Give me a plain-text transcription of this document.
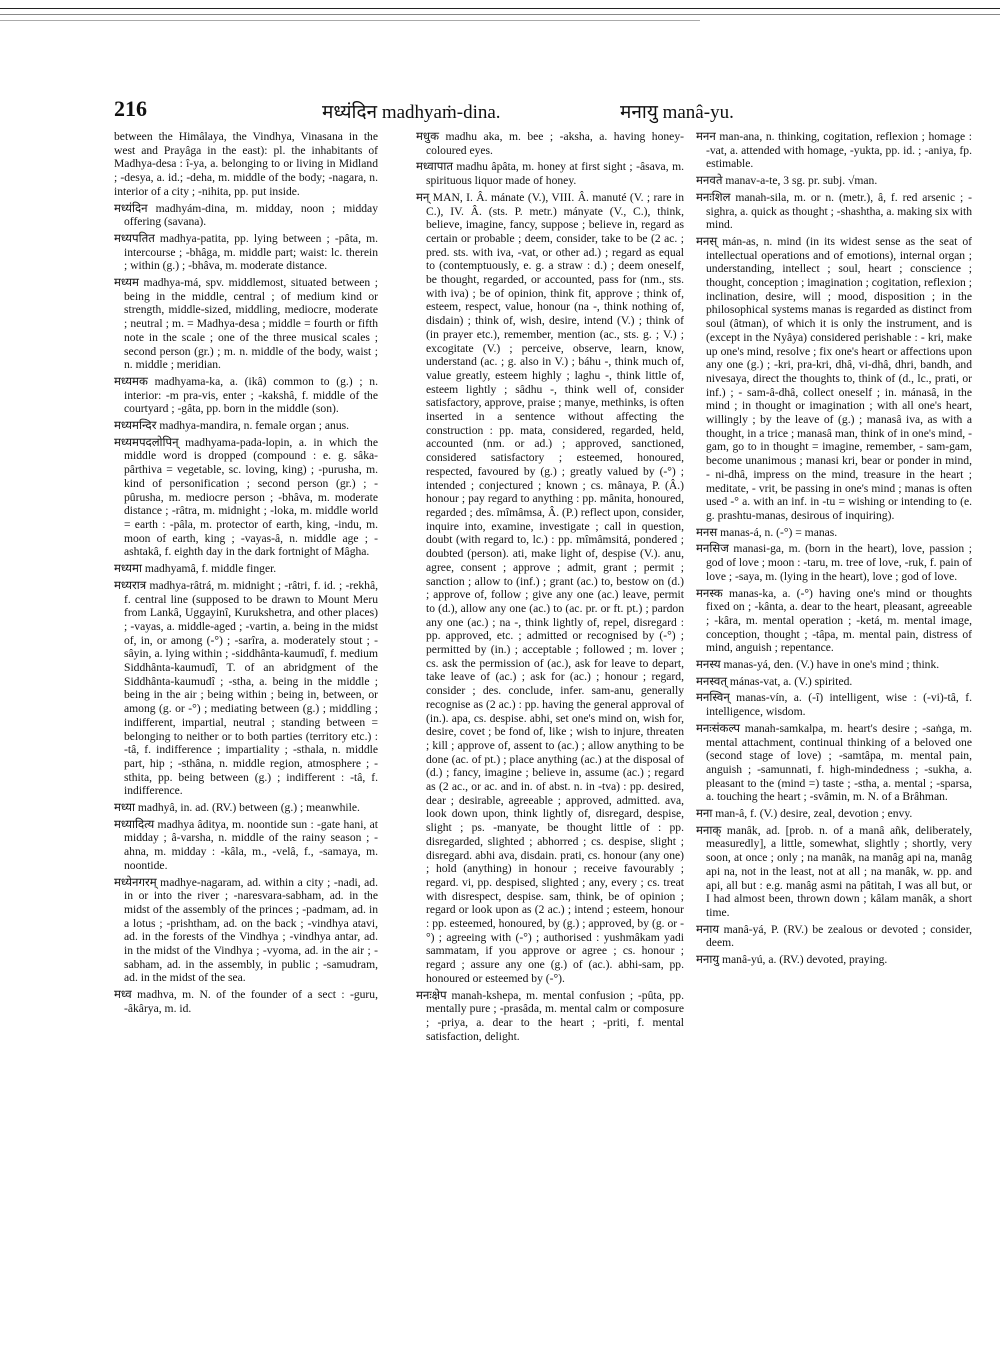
216	मध्यंदिन madhyaṁ-dina.	मनायु manâ-yu.

between the Himâlaya, the Vindhya, Vinasana in the west and Prayâga in the east): pl. the inhabitants of Madhya-desa : î-ya, a. belonging to or living in Midland ; -desya, a. id.; -deha, m. middle of the body; -nagara, n. interior of a city ; -nihita, pp. put inside.

मध्यंदिन madhyám-dina, m. midday, noon ; midday offering (savana).

मध्यपतित madhya-patita, pp. lying between ; -pâta, m. intercourse ; -bhâga, m. middle part; waist: lc. therein ; within (g.) ; -bhâva, m. moderate distance.

मध्यम madhya-má, spv. middlemost, situated between ; being in the middle, central ; of medium kind or strength, middle-sized, middling, mediocre, moderate ; neutral ; m. = Madhya-desa ; middle = fourth or fifth note in the scale ; one of the three musical scales ; second person (gr.) ; m. n. middle of the body, waist ; n. middle ; meridian.

मध्यमक madhyama-ka, a. (ikâ) common to (g.) ; n. interior: -m pra-vis, enter ; -kakshâ, f. middle of the courtyard ; -gâta, pp. born in the middle (son).

मध्यमन्दिर madhya-mandira, n. female organ ; anus.

मध्यमपदलोपिन् madhyama-pada-lopin, a. in which the middle word is dropped (compound : e. g. sâka-pârthiva = vegetable, sc. loving, king) ; -purusha, m. kind of personification ; second person (gr.) ; -pûrusha, m. mediocre person ; -bhâva, m. moderate distance ; -râtra, m. midnight ; -loka, m. middle world = earth : -pâla, m. protector of earth, king, -indu, m. moon of earth, king ; -vayas-â, n. middle age ; -ashtakâ, f. eighth day in the dark fortnight of Mâgha.

मध्यमा madhyamâ, f. middle finger.

मध्यरात्र madhya-râtrá, m. midnight ; -râtri, f. id. ; -rekhâ, f. central line (supposed to be drawn to Mount Meru from Lankâ, Uggayinî, Kurukshetra, and other places) ; -vayas, a. middle-aged ; -vartin, a. being in the midst of, in, or among (-°) ; -sarîra, a. moderately stout ; -sâyin, a. lying within ; -siddhânta-kaumudî, f. medium Siddhânta-kaumudî, T. of an abridgment of the Siddhânta-kaumudî ; -stha, a. being in the middle ; being in the air ; being within ; being in, between, or among (g. or -°) ; mediating between (g.) ; middling ; indifferent, impartial, neutral ; standing between = belonging to neither or to both parties (territory etc.) : -tâ, f. indifference ; impartiality ; -sthala, n. middle part, hip ; -sthâna, n. middle region, atmosphere ; -sthita, pp. being between (g.) ; indifferent : -tâ, f. indifference.

मध्या madhyâ, in. ad. (RV.) between (g.) ; meanwhile.

मध्यादित्य madhya âditya, m. noontide sun : -gate hani, at midday ; â-varsha, n. middle of the rainy season ; -ahna, m. midday : -kâla, m., -velâ, f., -samaya, m. noontide.

मध्येनगरम् madhye-nagaram, ad. within a city ; -nadi, ad. in or into the river ; -naresvara-sabham, ad. in the midst of the assembly of the princes ; -padmam, ad. in a lotus ; -prishtham, ad. on the back ; -vindhya atavi, ad. in the forests of the Vindhya ; -vindhya antar, ad. in the midst of the Vindhya ; -vyoma, ad. in the air ; -sabham, ad. in the assembly, in public ; -samudram, ad. in the midst of the sea.

मध्व madhva, m. N. of the founder of a sect : -guru, -âkârya, m. id.

मधुक madhu aka, m. bee ; -aksha, a. having honey-coloured eyes.

मध्वापात madhu âpâta, m. honey at first sight ; -âsava, m. spirituous liquor made of honey.

मन् MAN, I. Â. mánate (V.), VIII. Â. manuté (V. ; rare in C.), IV. Â. (sts. P. metr.) mányate (V., C.), think, believe, imagine, fancy, suppose ; believe in, regard as certain or probable ; deem, consider, take to be (2 ac. ; pred. sts. with iva, -vat, or other ad.) ; regard as equal to (contemptuously, e. g. a straw : d.) ; deem oneself, be thought, regarded, or accounted, pass for (nm., sts. with iva) ; be of opinion, think fit, approve ; think of, esteem, respect, value, honour (na -, think nothing of, disdain) ; think of, wish, desire, intend (V.) ; think of (in prayer etc.), remember, mention (ac., sts. g. ; V.) ; excogitate (V.) ; perceive, observe, learn, know, understand (ac. ; g. also in V.) ; báhu -, think much of, value greatly, esteem highly ; laghu -, think little of, esteem lightly ; sâdhu -, think well of, consider satisfactory, approve, praise ; manye, methinks, is often inserted in a sentence without affecting the construction : pp. mata, considered, regarded, held, accounted (nm. or ad.) ; approved, sanctioned, considered satisfactory ; esteemed, honoured, respected, favoured by (g.) ; greatly valued by (-°) ; intended ; conjectured ; known ; cs. mânaya, P. (Â.) honour ; pay regard to anything : pp. mânita, honoured, regarded ; des. mîmâmsa, Â. (P.) reflect upon, consider, inquire into, examine, investigate ; call in question, doubt (with regard to, lc.) : pp. mîmâmsitá, pondered ; doubted (person). ati, make light of, despise (V.). anu, agree, consent ; approve ; admit, grant ; permit ; sanction ; allow to (inf.) ; grant (ac.) to, bestow on (d.) ; approve of, follow ; give any one (ac.) leave, permit to (d.), allow any one (ac.) to (ac. pr. or ft. pt.) ; pardon any one (ac.) ; na -, think lightly of, repel, disregard : pp. approved, etc. ; admitted or recognised by (-°) ; permitted by (in.) ; acceptable ; followed ; m. lover ; cs. ask the permission of (ac.), ask for leave to depart, take leave of (ac.) ; ask for (ac.) ; honour ; regard, consider ; des. conclude, infer. sam-anu, generally recognise as (2 ac.) : pp. having the general approval of (in.). apa, cs. despise. abhi, set one's mind on, wish for, desire, covet ; be fond of, like ; wish to injure, threaten ; kill ; approve of, assent to (ac.) ; allow anything to be done (ac. of pt.) ; place anything (ac.) at the disposal of (d.) ; fancy, imagine ; believe in, assume (ac.) ; regard as (2 ac., or ac. and in. of abst. n. in -tva) : pp. desired, dear ; desirable, agreeable ; approved, admitted. ava, look down upon, think lightly of, disregard, despise, slight ; ps. -manyate, be thought little of : pp. disregarded, slighted ; abhorred ; cs. despise, slight ; disregard. abhi ava, disdain. prati, cs. honour (any one) ; hold (anything) in honour ; receive favourably ; regard. vi, pp. despised, slighted ; any, every ; cs. treat with disrespect, despise. sam, think, be of opinion ; regard or look upon as (2 ac.) ; intend ; esteem, honour : pp. esteemed, honoured, by (g.) ; approved, by (g. or -°) ; agreeing with (-°) ; authorised : yushmâkam yadi sammatam, if you approve or agree ; cs. honour ; regard ; assure any one (g.) of (ac.). abhi-sam, pp. honoured or esteemed by (-°).

मनःक्षेप manah-kshepa, m. mental confusion ; -pûta, pp. mentally pure ; -prasâda, m. mental calm or composure ; -priya, a. dear to the heart ; -priti, f. mental satisfaction, delight.

मनन man-ana, n. thinking, cogitation, reflexion ; homage : -vat, a. attended with homage, -yukta, pp. id. ; -aniya, fp. estimable.

मनवते manav-a-te, 3 sg. pr. subj. √man.

मनःशिल manah-sila, m. or n. (metr.), â, f. red arsenic ; -sighra, a. quick as thought ; -shashtha, a. making six with mind.

मनस् mán-as, n. mind (in its widest sense as the seat of intellectual operations and of emotions), internal organ ; understanding, intellect ; soul, heart ; conscience ; thought, conception ; imagination ; cogitation, reflexion ; inclination, desire, will ; mood, disposition ; in the philosophical systems manas is regarded as distinct from soul (âtman), of which it is only the instrument, and is (except in the Nyâya) considered perishable : - kri, make up one's mind, resolve ; fix one's heart or affections upon any one (g.) ; -kri, pra-kri, dhâ, vi-dhâ, dhri, bandh, and nivesaya, direct the thoughts to, think of (d., lc., prati, or inf.) ; - sam-â-dhâ, collect oneself ; in. mánasâ, in the mind ; in thought or imagination ; with all one's heart, willingly ; by the leave of (g.) ; manasâ iva, as with a thought, in a trice ; manasâ man, think of in one's mind, - gam, go to in thought = imagine, remember, - sam-gam, become unanimous ; manasi kri, bear or ponder in mind, - ni-dhâ, impress on the mind, treasure in the heart ; meditate, - vrit, be passing in one's mind ; manas is often used -° a. with an inf. in -tu = wishing or intending to (e. g. prashtu-manas, desirous of inquiring).

मनस manas-á, n. (-°) = manas.

मनसिज manasi-ga, m. (born in the heart), love, passion ; god of love ; moon : -taru, m. tree of love, -ruk, f. pain of love ; -saya, m. (lying in the heart), love ; god of love.

मनस्क manas-ka, a. (-°) having one's mind or thoughts fixed on ; -kânta, a. dear to the heart, pleasant, agreeable ; -kâra, m. mental operation ; -ketá, m. mental image, conception, thought ; -tâpa, m. mental pain, distress of mind, anguish ; repentance.

मनस्य manas-yá, den. (V.) have in one's mind ; think.

मनस्वत् mánas-vat, a. (V.) spirited.

मनस्विन् manas-vín, a. (-î) intelligent, wise : (-vi)-tâ, f. intelligence, wisdom.

मनःसंकल्प manah-samkalpa, m. heart's desire ; -saṅga, m. mental attachment, continual thinking of a beloved one (second stage of love) ; -samtâpa, m. mental pain, anguish ; -samunnati, f. high-mindedness ; -sukha, a. pleasant to the (mind =) taste ; -stha, a. mental ; -sparsa, a. touching the heart ; -svâmin, m. N. of a Brâhman.

मना man-â, f. (V.) desire, zeal, devotion ; envy.

मनाक् manâk, ad. [prob. n. of a manâ añk, deliberately, measuredly], a little, somewhat, slightly ; shortly, very soon, at once ; only ; na manâk, na manâg api na, manâg api na, not in the least, not at all ; na manâk, w. pp. and api, all but : e.g. manâg asmi na pâtitah, I was all but, or I had almost been, thrown down ; kâlam manâk, a short time.

मनाय manâ-yá, P. (RV.) be zealous or devoted ; consider, deem.

मनायु manâ-yú, a. (RV.) devoted, praying.
